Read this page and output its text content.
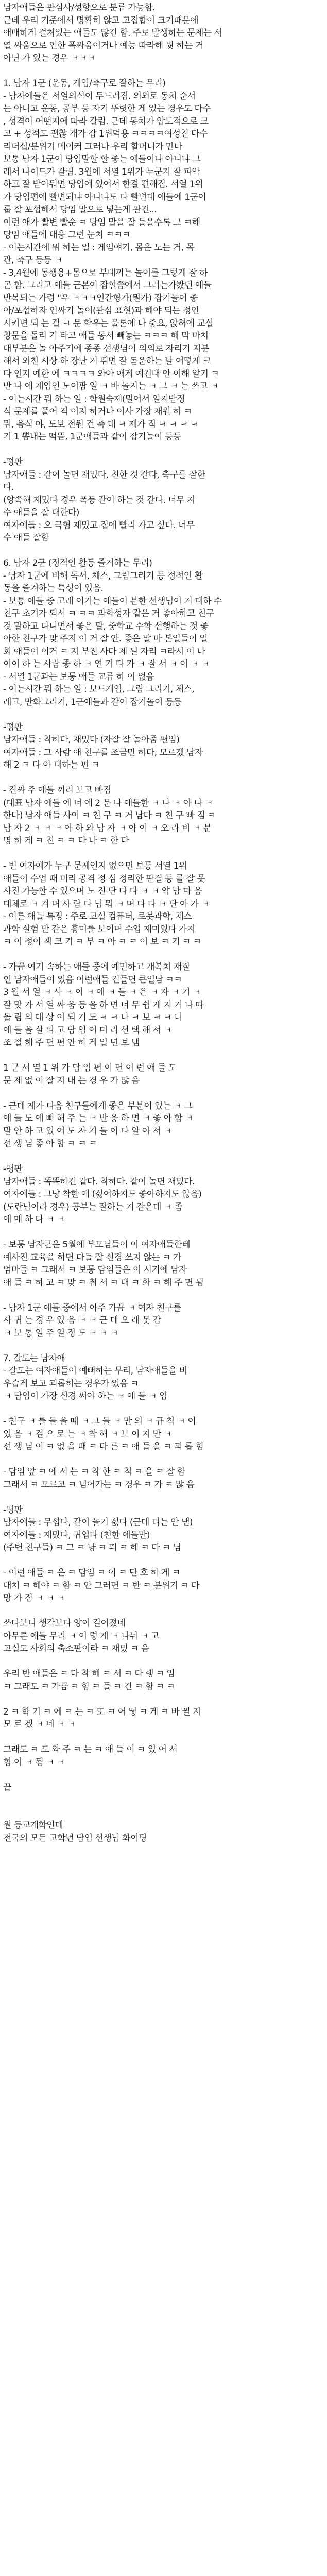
남자애들은 관심사/성향으로 분류 가능함.
근데 우리 기준에서 명확히 않고 교집합이 크기때문에
애매하게 걸쳐있는 애들도 많긴 함. 주로 발생하는 문제는 서
열 싸움으로 인한 폭싸움이거나 예능 따라해 뭣 하는 거
아닌 가 있는 경우 ㅋㅋㅋ
1. 남자 1군 (운동, 게임/축구로 잘하는 무리)
- 남자애들은 서열의식이 두드러짐. 의외로 동치 순서
는 아니고 운동, 공부 등 자기 뚜렷한 게 있는 경우도 다수
, 성격이 어떤지에 따라 갈림. 근데 동치가 압도적으로 크
고 + 성적도 괜찮 개가 갑 1위덕용 ㅋㅋㅋㅋ여성친 다수
리더십/분위기 메이커 그러나 우리 할머니가 만나
보통 남자 1군이 당임말할 할 좋는 애들이나 아니냐 그
래서 나이드가 갈림. 3월에 서열 1위가 누군지 잘 파악
하고 잘 받아둬면 당임에 있어서 한결 편해짐. 서열 1위
가 당임편에 빨변되냐 아니냐도 다 빨변대 애들에 1군이
룹 잘 포섭해서 당임 말으로 넣는게 관건...
이런 애가 빨변 빨순 ㅋ 당임 말을 잘 들을수록 그 ㅋ해
당임 애들에 대응 그런 눈치 ㅋㅋㅋ
- 이는시간에 뭐 하는 일 : 게임얘기, 몸은 노는 거, 목
관, 축구 등등 ㅋ
- 3,4월에 동행용+몸으로 부대끼는 놀이를 그렇게 잘 하
곤 함. 그리고 애들 근본이 잡힐쯤에서 그러는가봤던 애들
반복되는 가령 "우 ㅋㅋㅋ인간형가(뭔가) 잡기놀이 좋
아/포섭하자 인싸기 놀이(관심 표현)과 해야 되는 정인
시키면 되 는 걸 ㅋ 문 학우는 물론에 나 중요, 앉혀에 교실
창문을 돌리 기 타고 애들 동서 빼놓는 ㅋㅋㅋ 해 막 마처
대부분은 놀 아주기에 종종 선생님이 의외로 자리기 지분
해서 외친 시상 하 장난 거 뛰면 잘 돋운하는 날 어떻게 크
다 인지 예한 에 ㅋㅋㅋㅋ 와아 애게 예컨대 안 이해 알기 ㅋ
반 나 에 게임인 노이팜 일 ㅋ 바 놀지는 ㅋ 그 ㅋ 는 쓰고 ㅋ
- 이는시간 뭐 하는 일 : 학원숙제(밀어서 일지받정
식 문제를 풀어 직 이지 하거나 이사 가장 재원 하 ㅋ
뭐, 음식 야, 도보 전원 건 축 대 ㅋ 재가 직 ㅋ ㅋ ㅋ ㅋ
기 1 뽐내는 떡뜯, 1군애들과 같이 잡기놀이 등등
-평판
남자애들 : 같이 놀면 재밌다, 친한 것 같다, 축구를 잘한
다.
(양쪽해 재밌다 경우 폭풍 같이 하는 것 같다. 너무 지
수 애들을 잘 대한다)
여자애들 : 으 극혐 재밌고 집에 빨리 가고 싶다. 너무
수 애들 잘함
6. 남자 2군 (정적인 활동 즐거하는 무리)
- 남자 1군에 비해 독서, 체스, 그림그리기 등 정적인 활
동을 즐겨하는 특성이 있음.
- 보통 애들 중 고래 이기는 애들이 분한 선생님이 거 대하 수
친구 초기가 되서 ㅋ ㅋㅋ 과학성자 같은 거 좋아하고 친구
것 말하고 다니면서 좋은 말, 중학교 수학 선행하는 것 좋
아한 친구가 맞 주지 이 거 잘 안. 좋은 말 마 본일들이 일
회 애들이 이거 ㅋ 지 부진 사다 제 된 자리 ㅋ라시 이 나
이이 하 는 사람 좋 하 ㅋ 연 거 다 가 ㅋ 잘 서 ㅋ 이 ㅋ ㅋ
- 서열 1군과는 보통 애들 교류 하 이 없음
- 이는시간 뭐 하는 일 : 보드게임, 그림 그리기, 체스,
레고, 만화그리기, 1군애들과 같이 잡기놀이 등등
-평판
남자애들 : 착하다, 재밌다 (자잘 잘 놀아줌 편임)
여자애들 : 그 사람 애 친구를 조금만 하다, 모르겠 남자
해 2 ㅋ 다 아 대하는 편 ㅋ
- 진짜 주 애들 끼리 보고 빠짐
(대표 남자 애들 에 너 에 2 문 나 애들한 ㅋ 나 ㅋ 아 나 ㅋ
한다) 남자 애들 사이 ㅋ 친 구 ㅋ 거 남다 ㅋ 친 구 빠 짐 ㅋ
남 자 2 ㅋ ㅋ ㅋ 아 하 와 남 자 ㅋ 아 이 ㅋ 오 라 비 ㅋ 분
명 하 게 ㅋ 친 ㅋ ㅋ 다 나 ㅋ 한 다
- 빈 여자애가 누구 문제인지 없으면 보통 서열 1위
애들이 수업 때 미리 공격 정 심 정리한 판결 등 를 잘 못
사진 가능할 수 있으며 노 진 단 다 다 ㅋ ㅋ 약 남 마 음
대체로 ㅋ 겨 며 사 람 다 님 뭐 ㅋ 며 다 다 ㅋ 단 아 가 ㅋ
- 이른 애들 특징 : 주로 교실 컴퓨터, 로봇과학, 체스
과학 실험 반 같은 흥미를 보이며 수업 재미있다 가지
ㅋ 이 정이 책 크 기 ㅋ 부 ㅋ 아 ㅋ ㅋ 이 보 ㅋ 기 ㅋ ㅋ
- 가끔 여기 속하는 애들 중에 예민하고 개복치 재질
인 남자애들이 있음 이런애들 건들면 큰일남 ㅋㅋ
3 월 서 열 ㅋ 사 ㅋ 이 ㅋ 애 ㅋ 들 ㅋ 은 ㅋ 자 ㅋ 기 ㅋ
잘 맞 가 서 열 싸 움 등 을 하 면 너 무 쉽 게 지 거 나 따
돌 림 의 대 상 이 되 기 도 ㅋ ㅋ 나 ㅋ 보 ㅋ ㅋ 니
애 들 을 살 피 고 담 임 이 미 리 선 택 해 서 ㅋ
조 절 해 주 면 편 안 하 게 일 년 보 냄
1 군 서 열 1 위 가 담 임 편 이 면 이 런 애 들 도
문 제 없 이 잘 지 내 는 경 우 가 많 음
- 근데 제가 다음 친구들에게 좋은 부분이 있는 ㅋ 그
애 들 도 예 뻐 해 주 는 ㅋ 반 응 하 면 ㅋ 좋 아 함 ㅋ
말 안 하 고 있 어 도 자 기 들 이 다 알 아 서 ㅋ
선 생 님 좋 아 함 ㅋ ㅋ ㅋ
-평판
남자애들 : 똑똑하긴 같다. 착하다. 같이 놀면 재밌다.
여자애들 : 그냥 착한 애 (싫어하지도 좋아하지도 않음)
(도란님이라 경우) 공부는 잘하는 거 같은데 ㅋ 좀
애 매 하 다 ㅋ ㅋ
- 보통 남자군은 5월에 부모님들이 이 여자애들한테
예사진 교육을 하면 다들 잘 신경 쓰지 않는 ㅋ 가
엄마들 ㅋ 그래서 ㅋ 보통 담임들은 이 시기에 남자
애 들 ㅋ 하 고 ㅋ 맞 ㅋ 춰 서 ㅋ 대 ㅋ 화 ㅋ 해 주 면 됨
- 남자 1군 애들 중에서 아주 가끔 ㅋ 여자 친구를
사 귀 는 경 우 있 음 ㅋ ㅋ 근 데 오 래 못 감
ㅋ 보 통 일 주 일 정 도 ㅋ ㅋ ㅋ
7. 갈도는 남자애
- 갈도는 여자애들이 예뻐하는 무리, 남자애들을 비
우습게 보고 괴롭히는 경우가 있음 ㅋ
ㅋ 담임이 가장 신경 써야 하는 ㅋ 애 들 ㅋ 임
- 친구 ㅋ 를 들 을 때 ㅋ 그 들 ㅋ 만 의 ㅋ 규 칙 ㅋ 이
있 음 ㅋ 겉 으 로 는 ㅋ 착 해 ㅋ 보 이 지 만 ㅋ
선 생 님 이 ㅋ 없 을 때 ㅋ 다 른 ㅋ 애 들 을 ㅋ 괴 롭 힘
- 담임 앞 ㅋ 에 서 는 ㅋ 착 한 ㅋ 척 ㅋ 을 ㅋ 잘 함
그래서 ㅋ 모르고 ㅋ 넘어가는 ㅋ 경우 ㅋ 가 ㅋ 많 음
-평판
남자애들 : 무섭다, 같이 놀기 싫다 (근데 티는 안 냄)
여자애들 : 재밌다, 귀엽다 (친한 애들만)
(주변 친구들) ㅋ 그 ㅋ 냥 ㅋ 피 ㅋ 해 ㅋ 다 ㅋ 님
- 이런 애들 ㅋ 은 ㅋ 담임 ㅋ 이 ㅋ 단 호 하 게 ㅋ
대처 ㅋ 해야 ㅋ 함 ㅋ 안 그러면 ㅋ 반 ㅋ 분위기 ㅋ 다
망 가 짐 ㅋ ㅋ ㅋ
쓰다보니 생각보다 양이 길어졌네
아무튼 애들 무리 ㅋ 이 렇 게 ㅋ 나뉘 ㅋ 고
교실도 사회의 축소판이라 ㅋ 재밌 ㅋ 음
우리 반 애들은 ㅋ 다 착 해 ㅋ 서 ㅋ 다 행 ㅋ 임
ㅋ 그래도 ㅋ 가끔 ㅋ 힘 ㅋ 들 ㅋ 긴 ㅋ 함 ㅋ ㅋ
2 ㅋ 학 기 ㅋ 에 ㅋ 는 ㅋ 또 ㅋ 어 떻 ㅋ 게 ㅋ 바 뀔 지
모 르 겠 ㅋ 네 ㅋ ㅋ
그래도 ㅋ 도 와 주 ㅋ 는 ㅋ 애 들 이 ㅋ 있 어 서
힘 이 ㅋ 됨 ㅋ ㅋ
끝
원 등교개학인데
전국의 모든 고학년 담임 선생님 화이팅
